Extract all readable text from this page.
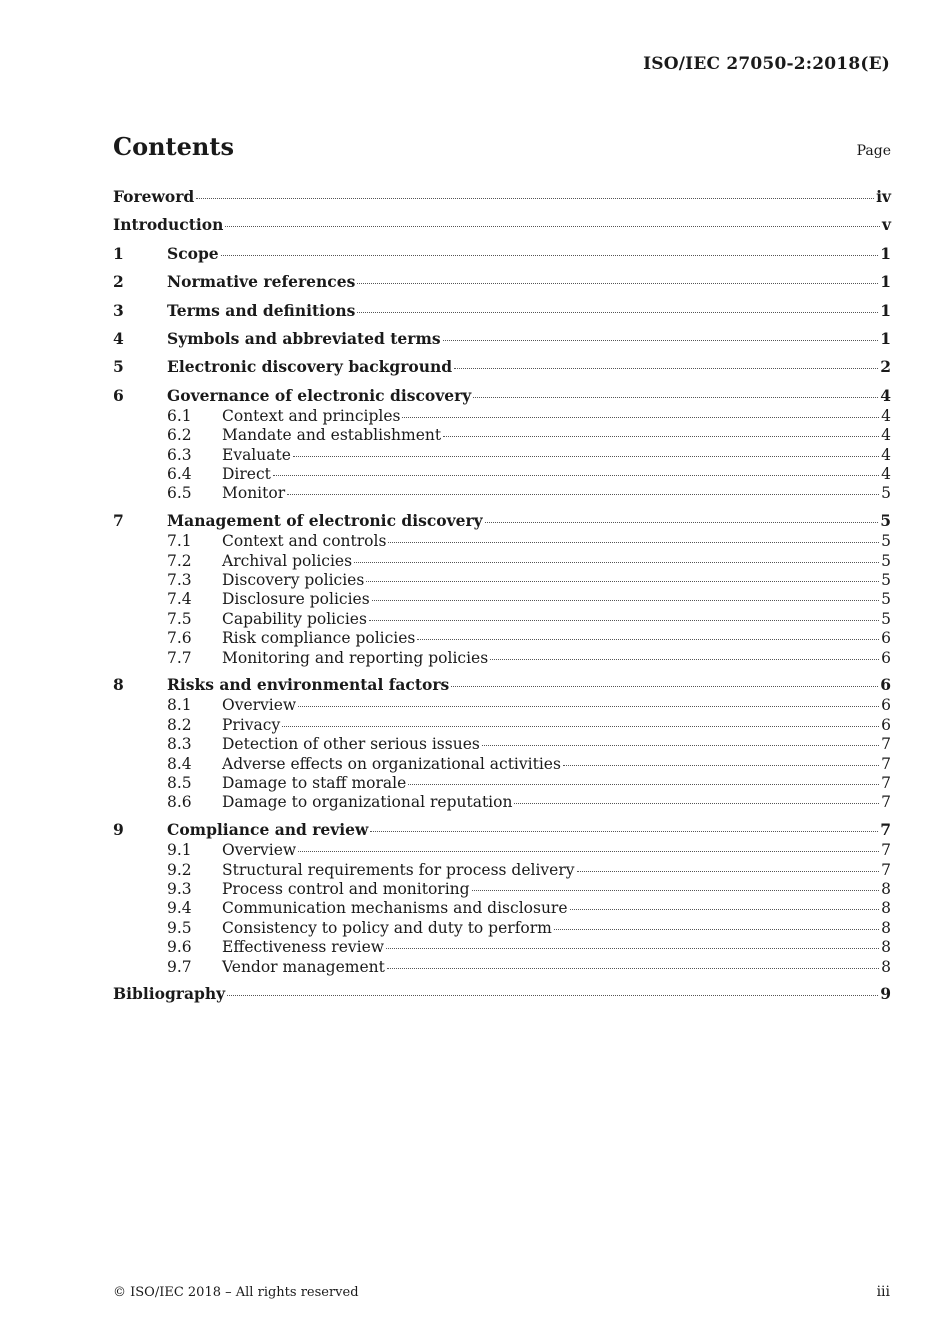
ISO/IEC 27050-2:2018(E)
Contents	Page
Foreword	iv
Introduction	v
1	Scope	1
2	Normative references	1
3	Terms and definitions	1
4	Symbols and abbreviated terms	1
5	Electronic discovery background	2
6	Governance of electronic discovery	4
6.1	Context and principles	4
6.2	Mandate and establishment	4
6.3	Evaluate	4
6.4	Direct	4
6.5	Monitor	5
7	Management of electronic discovery	5
7.1	Context and controls	5
7.2	Archival policies	5
7.3	Discovery policies	5
7.4	Disclosure policies	5
7.5	Capability policies	5
7.6	Risk compliance policies	6
7.7	Monitoring and reporting policies	6
8	Risks and environmental factors	6
8.1	Overview	6
8.2	Privacy	6
8.3	Detection of other serious issues	7
8.4	Adverse effects on organizational activities	7
8.5	Damage to staff morale	7
8.6	Damage to organizational reputation	7
9	Compliance and review	7
9.1	Overview	7
9.2	Structural requirements for process delivery	7
9.3	Process control and monitoring	8
9.4	Communication mechanisms and disclosure	8
9.5	Consistency to policy and duty to perform	8
9.6	Effectiveness review	8
9.7	Vendor management	8
Bibliography	9
© ISO/IEC 2018 – All rights reserved	iii
